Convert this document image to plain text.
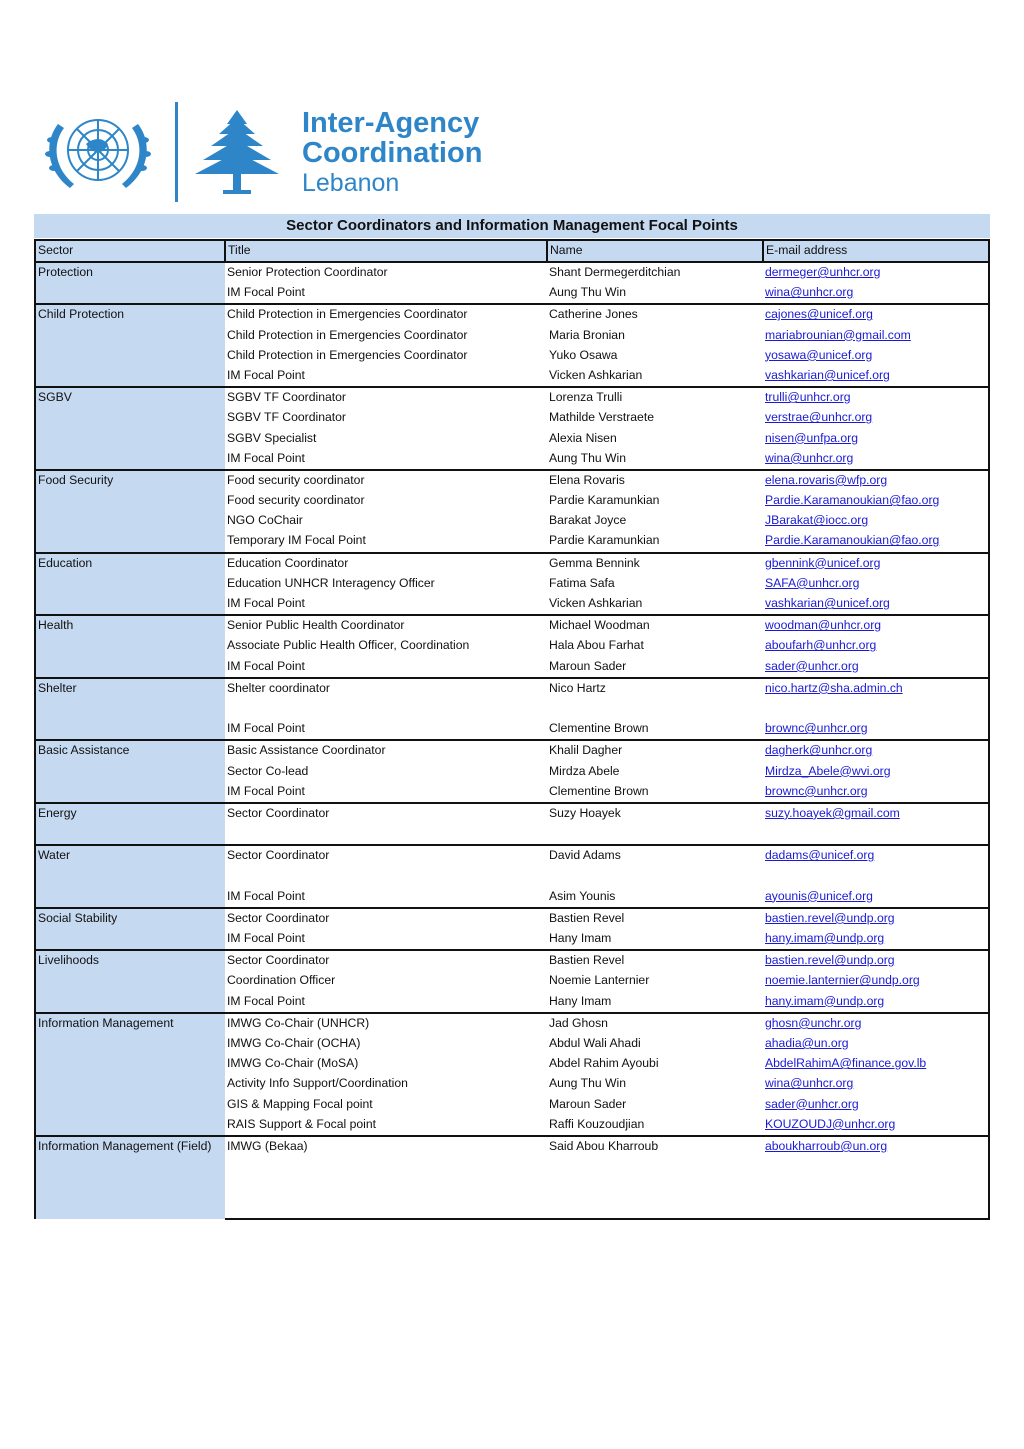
Inter-Agency
Coordination
Lebanon
Sector Coordinators and Information Management Focal Points
Sector	Title	Name	E-mail address
Protection	Senior Protection Coordinator	Shant Dermegerditchian	dermeger@unhcr.org
	IM Focal Point	Aung Thu Win	wina@unhcr.org
Child Protection	Child Protection in Emergencies Coordinator	Catherine Jones	cajones@unicef.org
	Child Protection in Emergencies Coordinator	Maria Bronian	mariabrounian@gmail.com
	Child Protection in Emergencies Coordinator	Yuko Osawa	yosawa@unicef.org
	IM Focal Point	Vicken Ashkarian	vashkarian@unicef.org
SGBV	SGBV TF Coordinator	Lorenza Trulli	trulli@unhcr.org
	SGBV TF Coordinator	Mathilde Verstraete	verstrae@unhcr.org
	SGBV Specialist	Alexia Nisen	nisen@unfpa.org
	IM Focal Point	Aung Thu Win	wina@unhcr.org
Food Security	Food security coordinator	Elena Rovaris	elena.rovaris@wfp.org
	Food security coordinator	Pardie Karamunkian	Pardie.Karamanoukian@fao.org
	NGO CoChair	Barakat Joyce	JBarakat@iocc.org
	Temporary IM Focal Point	Pardie Karamunkian	Pardie.Karamanoukian@fao.org
Education	Education Coordinator	Gemma Bennink	gbennink@unicef.org
	Education UNHCR Interagency Officer	Fatima Safa	SAFA@unhcr.org
	IM Focal Point	Vicken Ashkarian	vashkarian@unicef.org
Health	Senior Public Health Coordinator	Michael Woodman	woodman@unhcr.org
	Associate Public Health Officer, Coordination	Hala Abou Farhat	aboufarh@unhcr.org
	IM Focal Point	Maroun Sader	sader@unhcr.org
Shelter	Shelter coordinator	Nico Hartz	nico.hartz@sha.admin.ch

	IM Focal Point	Clementine Brown	brownc@unhcr.org
Basic Assistance	Basic Assistance Coordinator	Khalil Dagher	dagherk@unhcr.org
	Sector Co-lead	Mirdza Abele	Mirdza_Abele@wvi.org
	IM Focal Point	Clementine Brown	brownc@unhcr.org
Energy	Sector Coordinator	Suzy Hoayek	suzy.hoayek@gmail.com

Water	Sector Coordinator	David Adams	dadams@unicef.org

	IM Focal Point	Asim Younis	ayounis@unicef.org
Social Stability	Sector Coordinator	Bastien Revel	bastien.revel@undp.org
	IM Focal Point	Hany Imam	hany.imam@undp.org
Livelihoods	Sector Coordinator	Bastien Revel	bastien.revel@undp.org
	Coordination Officer	Noemie Lanternier	noemie.lanternier@undp.org
	IM Focal Point	Hany Imam	hany.imam@undp.org
Information Management	IMWG Co-Chair (UNHCR)	Jad Ghosn	ghosn@unchr.org
	IMWG Co-Chair (OCHA)	Abdul Wali Ahadi	ahadia@un.org
	IMWG Co-Chair (MoSA)	Abdel Rahim Ayoubi	AbdelRahimA@finance.gov.lb
	Activity Info Support/Coordination	Aung Thu Win	wina@unhcr.org
	GIS & Mapping Focal point	Maroun Sader	sader@unhcr.org
	RAIS Support & Focal point	Raffi Kouzoudjian	KOUZOUDJ@unhcr.org
Information Management (Field)	IMWG (Bekaa)	Said Abou Kharroub	aboukharroub@un.org
